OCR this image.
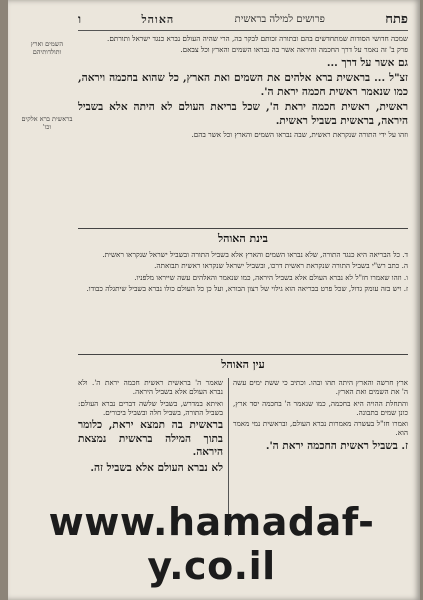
פתח
פרושים למילה בראשית
האוהל
ו
השמים וארץ ותולדותיהם
בראשית ברא אלקים וכו'

שמכה חדושי הסודות שמתחדשים בהם ובתורה זכותם לבקר בה, הרי שהיה העולם נברא כנגד ישראל ותורתם.

פרק ב' זה נאמר על דרך החכמה והיראה אשר בה נבראו השמים והארץ וכל צבאם.

גם אשר על דרך ...

זצ"ל ... בראשית ברא אלהים את השמים ואת הארץ, כל שהוא בחכמה ויראה, כמו שנאמר ראשית חכמה יראת ה'.

ראשית, ראשית חכמה יראת ה', שכל בריאת העולם לא היתה אלא בשביל היראה, בראשית בשביל ראשית.

וזהו על ידי התורה שנקראת ראשית, שבה נבראו השמים והארץ וכל אשר בהם.

בינת האוהל

ד. כל הבריאה היא כנגד התורה, שלא נבראו השמים והארץ אלא בשביל התורה ובשביל ישראל שנקראו ראשית.

ה. כתב רש"י בשביל התורה שנקראת ראשית דרכו, ובשביל ישראל שנקראו ראשית תבואתה.

ו. וזהו שאמרו חז"ל לא נברא העולם אלא בשביל היראה, כמו שנאמר והאלהים עשה שייראו מלפניו.

ז. ויש בזה עומק גדול, שכל פרט בבריאה הוא גילוי של רצון הבורא, ועל כן כל העולם כולו נברא בשביל שיתגלה כבודו.

עין האוהל

ארץ חרשה והארץ היתה תהו ובהו. וכתיב כי ששת ימים עשה ה' את השמים ואת הארץ.

והתחלת ההויה היא בחכמה, כמו שנאמר ה' בחכמה יסד ארץ, כונן שמים בתבונה.

ואמרו חז"ל בעשרה מאמרות נברא העולם, ובראשית נמי מאמר הוא.

ז. בשביל ראשית החכמה יראת ה'.

שאמר ה' בראשית ראשית חכמה יראת ה'. ולא נברא העולם אלא בשביל היראה.

ואיתא במדרש, בשביל שלשה דברים נברא העולם: בשביל התורה, בשביל חלה ובשביל ביכורים.

בראשית בה תמצא יראת, כלומר בתוך המילה בראשית נמצאת היראה.

לא נברא העולם אלא בשביל זה.

www.hamadaf-y.co.il
